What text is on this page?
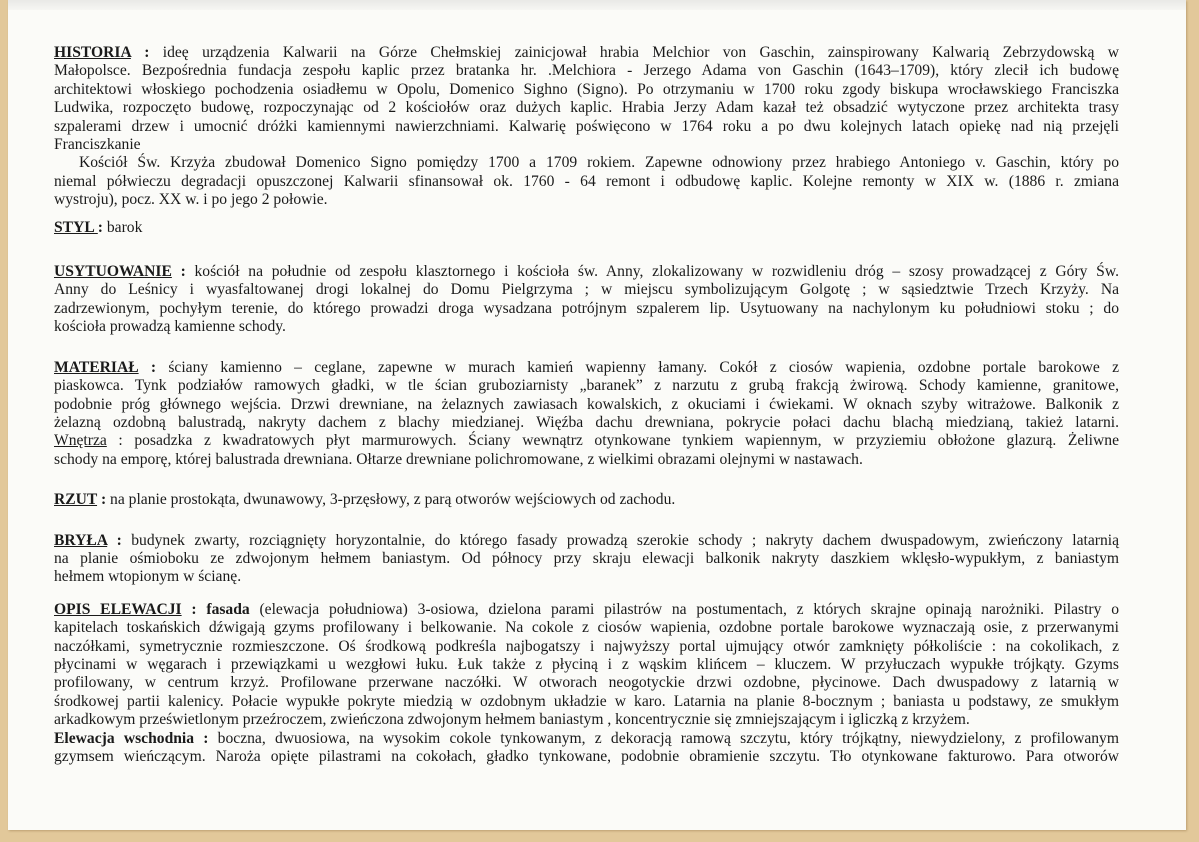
HISTORIA : ideę urządzenia Kalwarii na Górze Chełmskiej zainicjował hrabia Melchior von Gaschin, zainspirowany Kalwarią Zebrzydowską w
Małopolsce. Bezpośrednia fundacja zespołu kaplic przez bratanka hr. .Melchiora - Jerzego Adama von Gaschin (1643–1709), który zlecił ich budowę
architektowi włoskiego pochodzenia osiadłemu w Opolu, Domenico Sighno (Signo). Po otrzymaniu w 1700 roku zgody biskupa wrocławskiego Franciszka
Ludwika, rozpoczęto budowę, rozpoczynając od 2 kościołów oraz dużych kaplic. Hrabia Jerzy Adam kazał też obsadzić wytyczone przez architekta trasy
szpalerami drzew i umocnić dróżki kamiennymi nawierzchniami. Kalwarię poświęcono w 1764 roku a po dwu kolejnych latach opiekę nad nią przejęli
Franciszkanie
Kościół Św. Krzyża zbudował Domenico Signo pomiędzy 1700 a 1709 rokiem. Zapewne odnowiony przez hrabiego Antoniego v. Gaschin, który po
niemal półwieczu degradacji opuszczonej Kalwarii sfinansował ok. 1760 - 64 remont i odbudowę kaplic. Kolejne remonty w XIX w. (1886 r. zmiana
wystroju), pocz. XX w. i po jego 2 połowie.
STYL : barok
USYTUOWANIE : kościół na południe od zespołu klasztornego i kościoła św. Anny, zlokalizowany w rozwidleniu dróg – szosy prowadzącej z Góry Św.
Anny do Leśnicy i wyasfaltowanej drogi lokalnej do Domu Pielgrzyma ; w miejscu symbolizującym Golgotę ; w sąsiedztwie Trzech Krzyży. Na
zadrzewionym, pochyłym terenie, do którego prowadzi droga wysadzana potrójnym szpalerem lip. Usytuowany na nachylonym ku południowi stoku ; do
kościoła prowadzą kamienne schody.
MATERIAŁ : ściany kamienno – ceglane, zapewne w murach kamień wapienny łamany. Cokół z ciosów wapienia, ozdobne portale barokowe z
piaskowca. Tynk podziałów ramowych gładki, w tle ścian gruboziarnisty „baranek” z narzutu z grubą frakcją żwirową. Schody kamienne, granitowe,
podobnie próg głównego wejścia. Drzwi drewniane, na żelaznych zawiasach kowalskich, z okuciami i ćwiekami. W oknach szyby witrażowe. Balkonik z
żelazną ozdobną balustradą, nakryty dachem z blachy miedzianej. Więźba dachu drewniana, pokrycie połaci dachu blachą miedzianą, takież latarni.
Wnętrza : posadzka z kwadratowych płyt marmurowych. Ściany wewnątrz otynkowane tynkiem wapiennym, w przyziemiu obłożone glazurą. Żeliwne
schody na emporę, której balustrada drewniana. Ołtarze drewniane polichromowane, z wielkimi obrazami olejnymi w nastawach.
RZUT : na planie prostokąta, dwunawowy, 3-przęsłowy, z parą otworów wejściowych od zachodu.
BRYŁA : budynek zwarty, rozciągnięty horyzontalnie, do którego fasady prowadzą szerokie schody ; nakryty dachem dwuspadowym, zwieńczony latarnią
na planie ośmioboku ze zdwojonym hełmem baniastym. Od północy przy skraju elewacji balkonik nakryty daszkiem wklęsło-wypukłym, z baniastym
hełmem wtopionym w ścianę.
OPIS ELEWACJI : fasada (elewacja południowa) 3-osiowa, dzielona parami pilastrów na postumentach, z których skrajne opinają narożniki. Pilastry o
kapitelach toskańskich dźwigają gzyms profilowany i belkowanie. Na cokole z ciosów wapienia, ozdobne portale barokowe wyznaczają osie, z przerwanymi
naczółkami, symetrycznie rozmieszczone. Oś środkową podkreśla najbogatszy i najwyższy portal ujmujący otwór zamknięty półkoliście : na cokolikach, z
płycinami w węgarach i przewiązkami u wezgłowi łuku. Łuk także z płyciną i z wąskim klińcem – kluczem. W przyłuczach wypukłe trójkąty. Gzyms
profilowany, w centrum krzyż. Profilowane przerwane naczółki. W otworach neogotyckie drzwi ozdobne, płycinowe. Dach dwuspadowy z latarnią w
środkowej partii kalenicy. Połacie wypukłe pokryte miedzią w ozdobnym układzie w karo. Latarnia na planie 8-bocznym ; baniasta u podstawy, ze smukłym
arkadkowym prześwietlonym przeźroczem, zwieńczona zdwojonym hełmem baniastym , koncentrycznie się zmniejszającym i igliczką z krzyżem.
Elewacja wschodnia : boczna, dwuosiowa, na wysokim cokole tynkowanym, z dekoracją ramową szczytu, który trójkątny, niewydzielony, z profilowanym
gzymsem wieńczącym. Naroża opięte pilastrami na cokołach, gładko tynkowane, podobnie obramienie szczytu. Tło otynkowane fakturowo. Para otworów
